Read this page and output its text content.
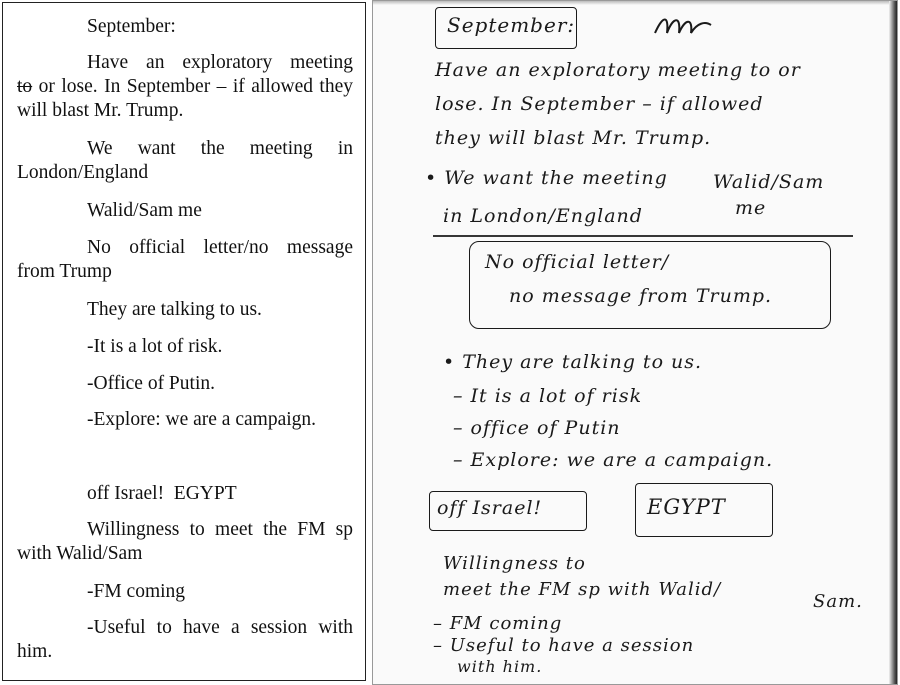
September:

Have an exploratory meeting

to or lose. In September – if allowed they will blast Mr. Trump.

We want the meeting in London/England

Walid/Sam me

No official letter/no message from Trump

They are talking to us.

-It is a lot of risk.

-Office of Putin.

-Explore: we are a campaign.

off Israel!  EGYPT

Willingness to meet the FM sp with Walid/Sam

-FM coming

-Useful to have a session with him.

September:
Have an exploratory meeting to or
lose. In September – if allowed
they will blast Mr. Trump.
• We want the meeting Walid/Sam
in London/England	me
No official letter/
no message from Trump.
• They are talking to us.
– It is a lot of risk
– office of Putin
– Explore: we are a campaign.
off Israel!	EGYPT
Willingness to
meet the FM sp with Walid/
Sam.
– FM coming
– Useful to have a session
with him.
